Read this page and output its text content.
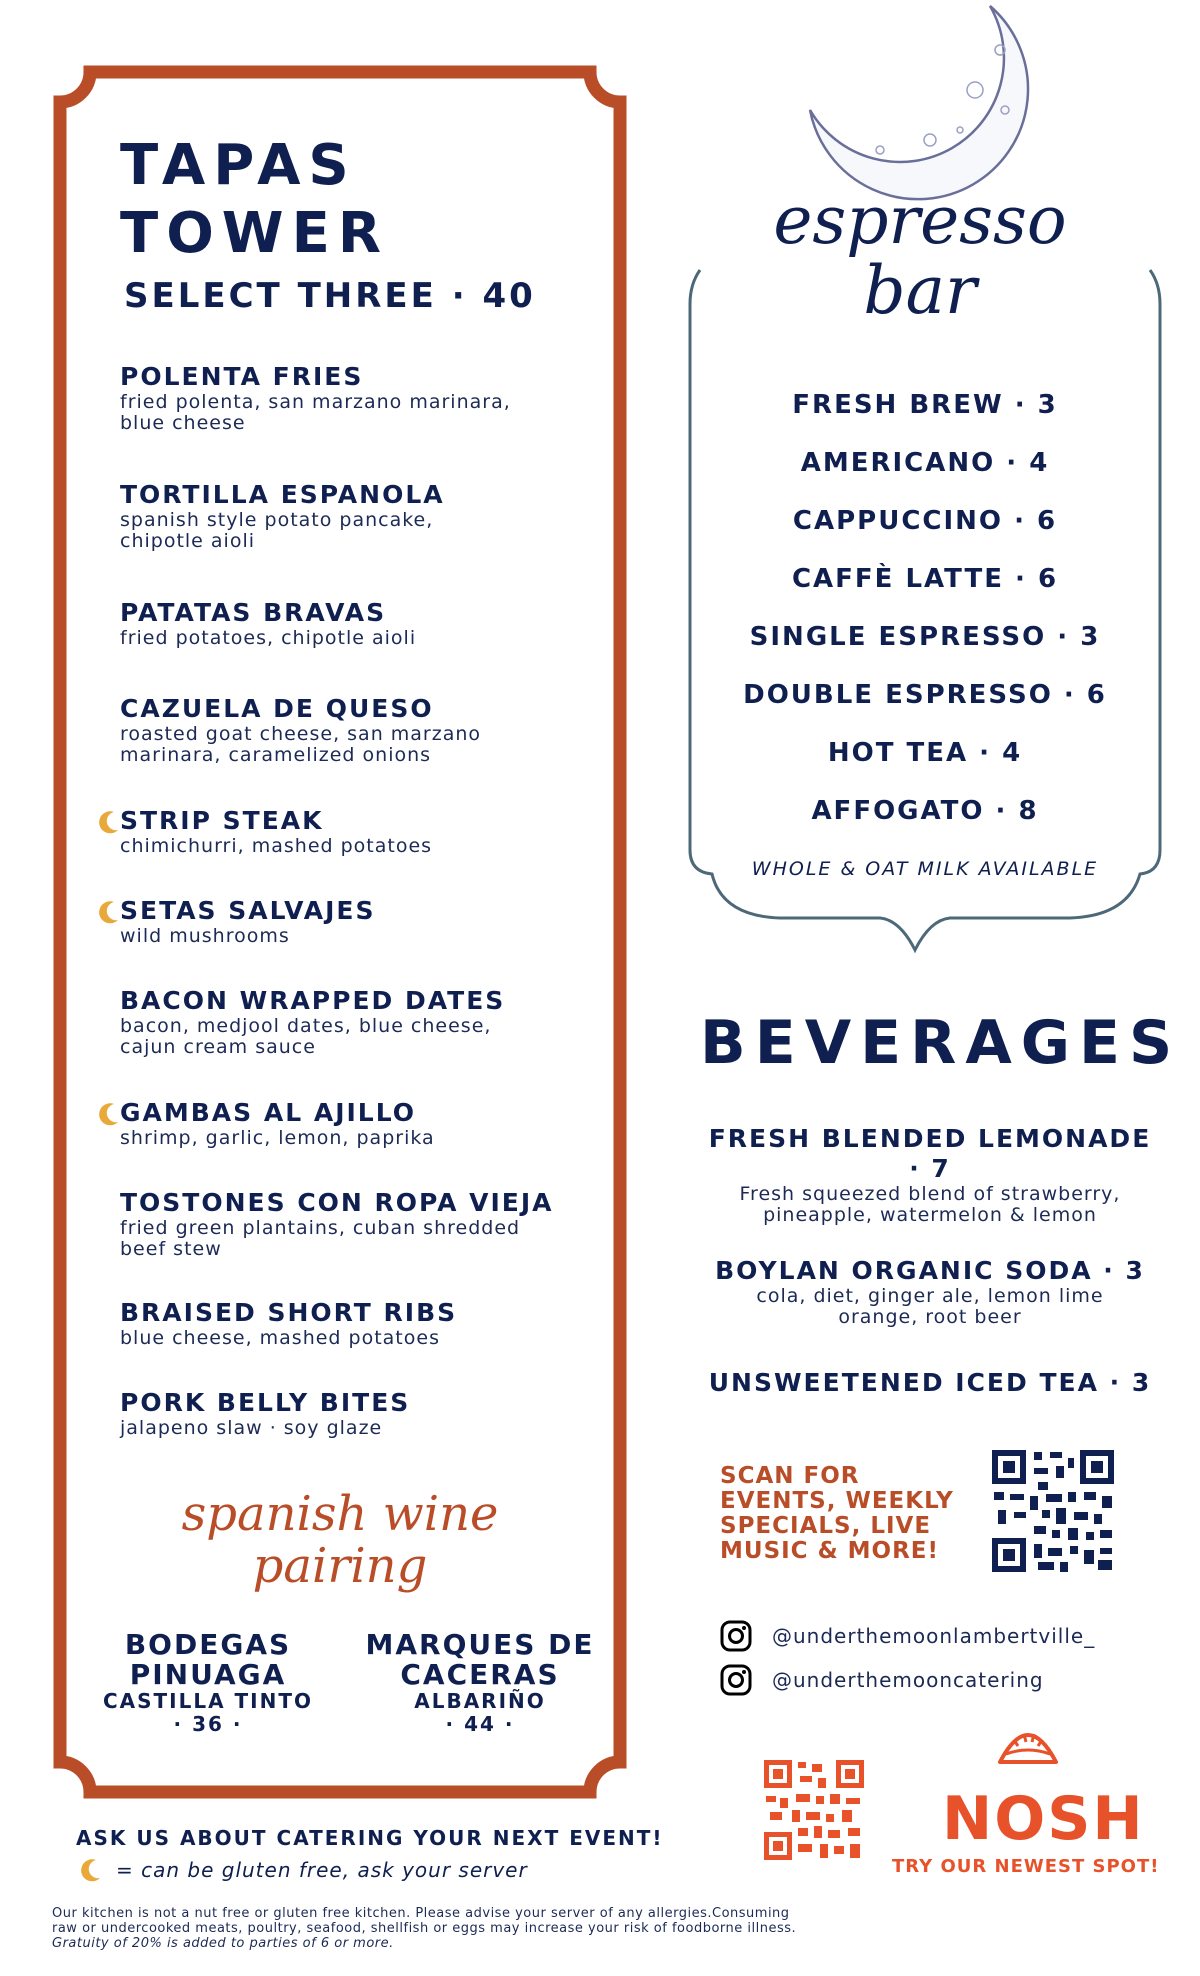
TAPAS
TOWER
SELECT THREE · 40
POLENTA FRIES
fried polenta, san marzano marinara,
blue cheese
TORTILLA ESPANOLA
spanish style potato pancake,
chipotle aioli
PATATAS BRAVAS
fried potatoes, chipotle aioli
CAZUELA DE QUESO
roasted goat cheese, san marzano
marinara, caramelized onions
STRIP STEAK
chimichurri, mashed potatoes
SETAS SALVAJES
wild mushrooms
BACON WRAPPED DATES
bacon, medjool dates, blue cheese,
cajun cream sauce
GAMBAS AL AJILLO
shrimp, garlic, lemon, paprika
TOSTONES CON ROPA VIEJA
fried green plantains, cuban shredded
beef stew
BRAISED SHORT RIBS
blue cheese, mashed potatoes
PORK BELLY BITES
jalapeno slaw · soy glaze
spanish wine
pairing
BODEGAS
PINUAGA
CASTILLA TINTO
· 36 ·
MARQUES DE
CACERAS
ALBARIÑO
· 44 ·
espresso
bar
FRESH BREW · 3
AMERICANO · 4
CAPPUCCINO · 6
CAFFÈ LATTE · 6
SINGLE ESPRESSO · 3
DOUBLE ESPRESSO · 6
HOT TEA · 4
AFFOGATO · 8
WHOLE & OAT MILK AVAILABLE
BEVERAGES
FRESH BLENDED LEMONADE · 7
Fresh squeezed blend of strawberry,
pineapple, watermelon & lemon
BOYLAN ORGANIC SODA · 3
cola, diet, ginger ale, lemon lime
orange, root beer
UNSWEETENED ICED TEA · 3
SCAN FOR EVENTS, WEEKLY SPECIALS, LIVE MUSIC & MORE!
@underthemoonlambertville_
@underthemooncatering
NOSH
TRY OUR NEWEST SPOT!
ASK US ABOUT CATERING YOUR NEXT EVENT!
= can be gluten free, ask your server
Our kitchen is not a nut free or gluten free kitchen. Please advise your server of any allergies.Consuming
raw or undercooked meats, poultry, seafood, shellfish or eggs may increase your risk of foodborne illness.
Gratuity of 20% is added to parties of 6 or more.
